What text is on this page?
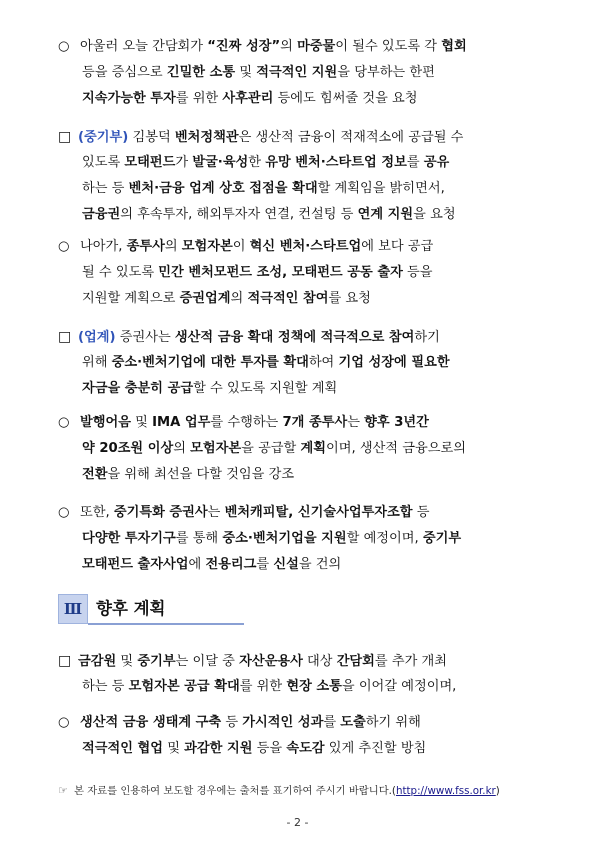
○ 아울러 오늘 간담회가 “진짜 성장”의 마중물이 될수 있도록 각 협회
등을 증심으로 긴밀한 소통 및 적극적인 지원을 당부하는 한편
지속가능한 투자를 위한 사후관리 등에도 힘써줄 것을 요청
□ (중기부) 김봉덕 벤처정책관은 생산적 금융이 적재적소에 공급될 수
있도록 모태펀드가 발굴·육성한 유망 벤처·스타트업 정보를 공유
하는 등 벤처·금융 업계 상호 접점을 확대할 계획임을 밝히면서,
금융권의 후속투자, 해외투자자 연결, 컨설팅 등 연계 지원을 요청
○ 나아가, 종투사의 모험자본이 혁신 벤처·스타트업에 보다 공급
될 수 있도록 민간 벤처모펀드 조성, 모태펀드 공동 출자 등을
지원할 계획으로 증권업계의 적극적인 참여를 요청
□ (업계) 증권사는 생산적 금융 확대 정책에 적극적으로 참여하기
위해 중소·벤처기업에 대한 투자를 확대하여 기업 성장에 필요한
자금을 충분히 공급할 수 있도록 지원할 계획
○ 발행어음 및 IMA 업무를 수행하는 7개 종투사는 향후 3년간
약 20조원 이상의 모험자본을 공급할 계획이며, 생산적 금융으로의
전환을 위해 최선을 다할 것임을 강조
○ 또한, 중기특화 증권사는 벤처캐피탈, 신기술사업투자조합 등
다양한 투자기구를 통해 중소·벤처기업을 지원할 예정이며, 중기부
모태펀드 출자사업에 전용리그를 신설을 건의
Ⅲ 향후 계획
□ 금감원 및 중기부는 이달 중 자산운용사 대상 간담회를 추가 개최
하는 등 모험자본 공급 확대를 위한 현장 소통을 이어갈 예정이며,
○ 생산적 금융 생태계 구축 등 가시적인 성과를 도출하기 위해
적극적인 협업 및 과감한 지원 등을 속도감 있게 추진할 방침
☞ 본 자료를 인용하여 보도할 경우에는 출처를 표기하여 주시기 바랍니다.(http://www.fss.or.kr)
- 2 -
